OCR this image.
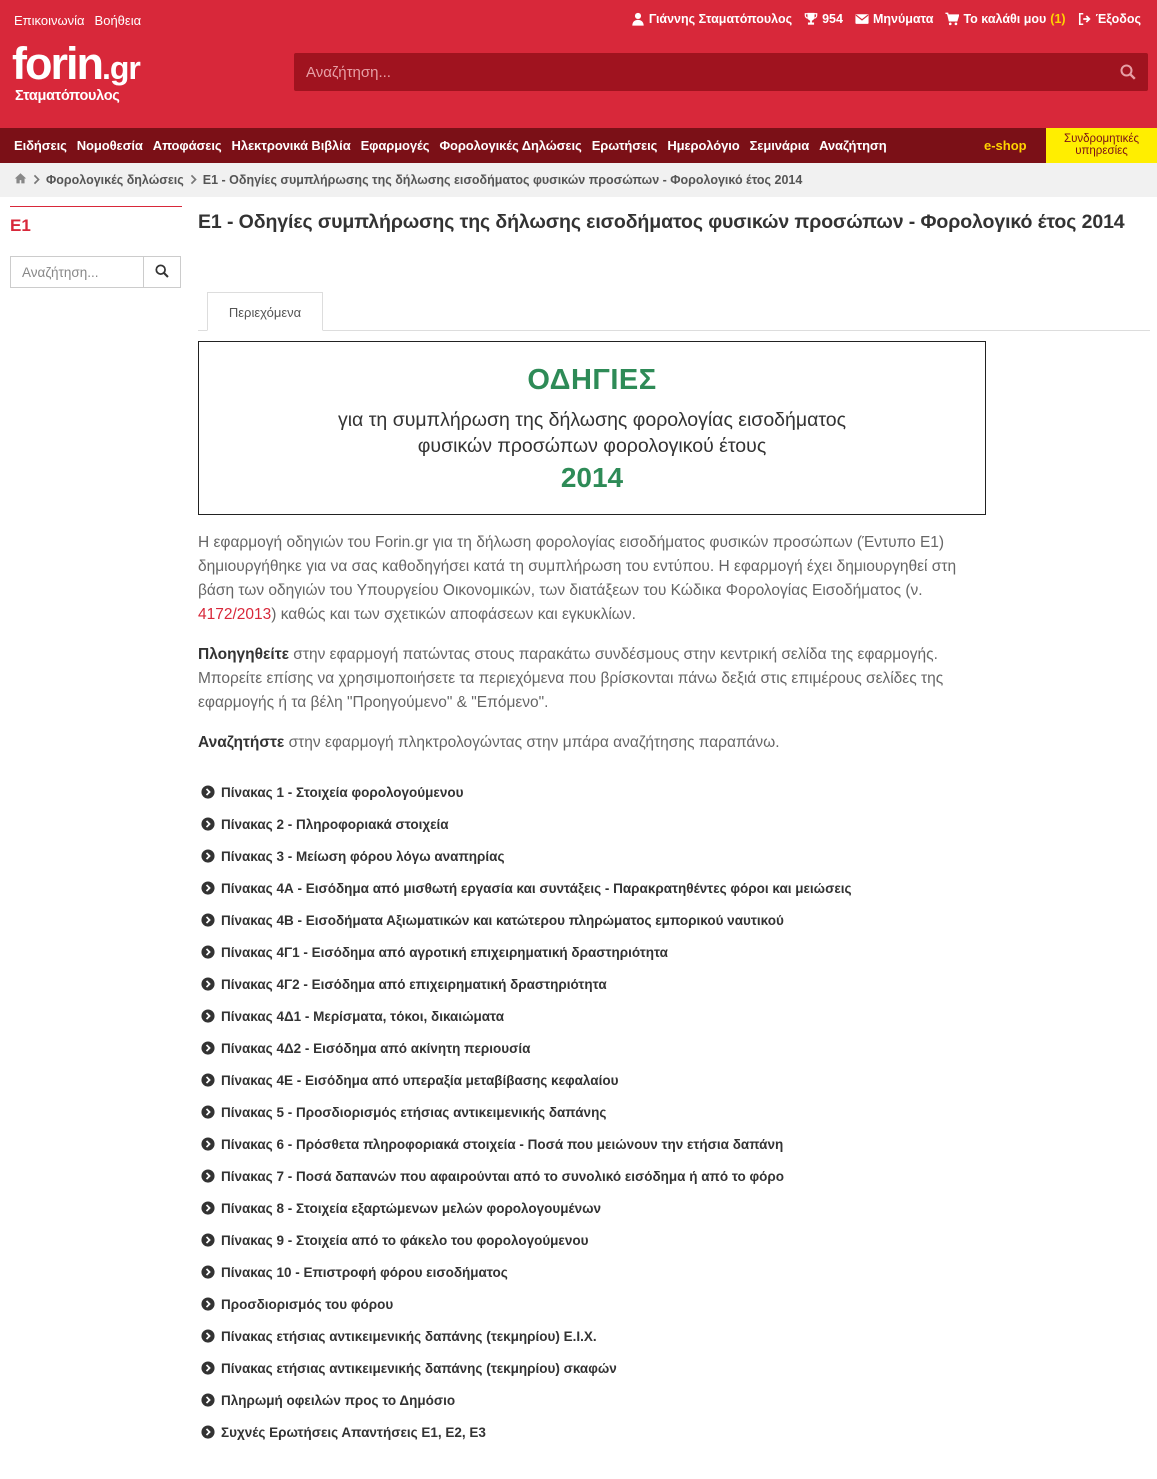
Επικοινωνία Βοήθεια	Γιάννης Σταματόπουλος 954 Μηνύματα Το καλάθι μου (1) Έξοδος
forin.gr
Σταματόπουλος
Αναζήτηση...
Ειδήσεις Νομοθεσία Αποφάσεις Ηλεκτρονικά Βιβλία Εφαρμογές Φορολογικές Δηλώσεις Ερωτήσεις Ημερολόγιο Σεμινάρια Αναζήτηση	e-shop	Συνδρομητικές υπηρεσίες
Φορολογικές δηλώσεις Ε1 - Οδηγίες συμπλήρωσης της δήλωσης εισοδήματος φυσικών προσώπων - Φορολογικό έτος 2014
Ε1
Αναζήτηση...	Ε1 - Οδηγίες συμπλήρωσης της δήλωσης εισοδήματος φυσικών προσώπων - Φορολογικό έτος 2014
Περιεχόμενα
ΟΔΗΓΙΕΣ
για τη συμπλήρωση της δήλωσης φορολογίας εισοδήματος
φυσικών προσώπων φορολογικού έτους
2014

Η εφαρμογή οδηγιών του Forin.gr για τη δήλωση φορολογίας εισοδήματος φυσικών προσώπων (Έντυπο Ε1) δημιουργήθηκε για να σας καθοδηγήσει κατά τη συμπλήρωση του εντύπου. Η εφαρμογή έχει δημιουργηθεί στη βάση των οδηγιών του Υπουργείου Οικονομικών, των διατάξεων του Κώδικα Φορολογίας Εισοδήματος (ν. 4172/2013) καθώς και των σχετικών αποφάσεων και εγκυκλίων.

Πλοηγηθείτε στην εφαρμογή πατώντας στους παρακάτω συνδέσμους στην κεντρική σελίδα της εφαρμογής. Μπορείτε επίσης να χρησιμοποιήσετε τα περιεχόμενα που βρίσκονται πάνω δεξιά στις επιμέρους σελίδες της εφαρμογής ή τα βέλη "Προηγούμενο" & "Επόμενο".

Αναζητήστε στην εφαρμογή πληκτρολογώντας στην μπάρα αναζήτησης παραπάνω.

Πίνακας 1 - Στοιχεία φορολογούμενου
Πίνακας 2 - Πληροφοριακά στοιχεία
Πίνακας 3 - Μείωση φόρου λόγω αναπηρίας
Πίνακας 4Α - Εισόδημα από μισθωτή εργασία και συντάξεις - Παρακρατηθέντες φόροι και μειώσεις
Πίνακας 4Β - Εισοδήματα Αξιωματικών και κατώτερου πληρώματος εμπορικού ναυτικού
Πίνακας 4Γ1 - Εισόδημα από αγροτική επιχειρηματική δραστηριότητα
Πίνακας 4Γ2 - Εισόδημα από επιχειρηματική δραστηριότητα
Πίνακας 4Δ1 - Μερίσματα, τόκοι, δικαιώματα
Πίνακας 4Δ2 - Εισόδημα από ακίνητη περιουσία
Πίνακας 4Ε - Εισόδημα από υπεραξία μεταβίβασης κεφαλαίου
Πίνακας 5 - Προσδιορισμός ετήσιας αντικειμενικής δαπάνης
Πίνακας 6 - Πρόσθετα πληροφοριακά στοιχεία - Ποσά που μειώνουν την ετήσια δαπάνη
Πίνακας 7 - Ποσά δαπανών που αφαιρούνται από το συνολικό εισόδημα ή από το φόρο
Πίνακας 8 - Στοιχεία εξαρτώμενων μελών φορολογουμένων
Πίνακας 9 - Στοιχεία από το φάκελο του φορολογούμενου
Πίνακας 10 - Επιστροφή φόρου εισοδήματος
Προσδιορισμός του φόρου
Πίνακας ετήσιας αντικειμενικής δαπάνης (τεκμηρίου) Ε.Ι.Χ.
Πίνακας ετήσιας αντικειμενικής δαπάνης (τεκμηρίου) σκαφών
Πληρωμή οφειλών προς το Δημόσιο
Συχνές Ερωτήσεις Απαντήσεις Ε1, Ε2, Ε3
